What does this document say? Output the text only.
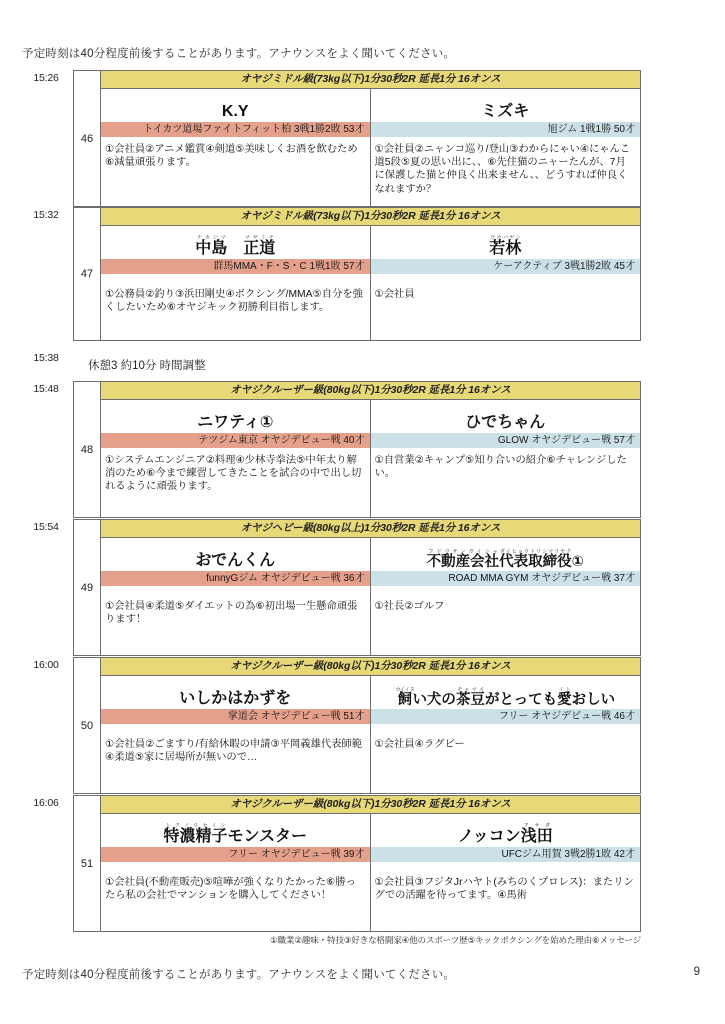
予定時刻は40分程度前後することがあります。アナウンスをよく聞いてください。
15:26
46
オヤジミドル級(73kg以下)1分30秒2R 延長1分 16オンス
K.Y
トイカツ道場ファイトフィット柏 3戦1勝2敗 53才
①会社員②アニメ鑑賞④剣道⑤美味しくお酒を飲むため⑥減量頑張ります。
ミズキ
旭ジム 1戦1勝 50才
①会社員②ニャンコ巡り/登山③わからにゃい④にゃんこ道5段⑤夏の思い出に、、⑥先住猫のニャーたんが、7月に保護した猫と仲良く出来ません、、どうすれば仲良くなれますか？
15:32
47
オヤジミドル級(73kg以下)1分30秒2R 延長1分 16オンス
中島ナカジマ　正道マサミチ
群馬MMA・F・S・C 1戦1敗 57才
①公務員②釣り③浜田剛史④ボクシング/MMA⑤自分を強くしたいため⑥オヤジキック初勝利目指します。
若林ワカバヤシ
ケーアクティブ 3戦1勝2敗 45才
①会社員
15:38
休憩3 約10分 時間調整
15:48
48
オヤジクルーザー級(80kg以下)1分30秒2R 延長1分 16オンス
ニワティ①
テツジム東京 オヤジデビュー戦 40才
①システムエンジニア②料理④少林寺拳法⑤中年太り解消のため⑥今まで練習してきたことを試合の中で出し切れるように頑張ります。
ひでちゃん
GLOW オヤジデビュー戦 57才
①自営業②キャンプ⑤知り合いの紹介⑥チャレンジしたい。
15:54
49
オヤジヘビー級(80kg以上)1分30秒2R 延長1分 16オンス
おでんくん
funnyGジム オヤジデビュー戦 36才
①会社員④柔道⑤ダイエットの為⑥初出場一生懸命頑張ります！
不動産会社フドウサンガイシャ代表取締役ダイヒョウトリシマリヤク①
ROAD MMA GYM オヤジデビュー戦 37才
①社長②ゴルフ
16:00
50
オヤジクルーザー級(80kg以下)1分30秒2R 延長1分 16オンス
いしかはかずを
掌道会 オヤジデビュー戦 51才
①会社員②ごますり/有給休暇の申請③平岡義雄代表師範④柔道⑤家に居場所が無いので…
飼カイイヌい犬の茶豆チャマメがとっても愛イトおしい
フリー オヤジデビュー戦 46才
①会社員④ラグビー
16:06
51
オヤジクルーザー級(80kg以下)1分30秒2R 延長1分 16オンス
特濃精子トクノウセイシモンスター
フリー オヤジデビュー戦 39才
①会社員(不動産販売)⑤喧嘩が強くなりたかった⑥勝ったら私の会社でマンションを購入してください！
ノッコン浅田アサダ
UFCジム用賀 3戦2勝1敗 42才
①会社員③フジタJrハヤト(みちのくプロレス)：またリングでの活躍を待ってます。④馬術
①職業②趣味・特技③好きな格闘家④他のスポーツ歴⑤キックボクシングを始めた理由⑥メッセージ
予定時刻は40分程度前後することがあります。アナウンスをよく聞いてください。	9
